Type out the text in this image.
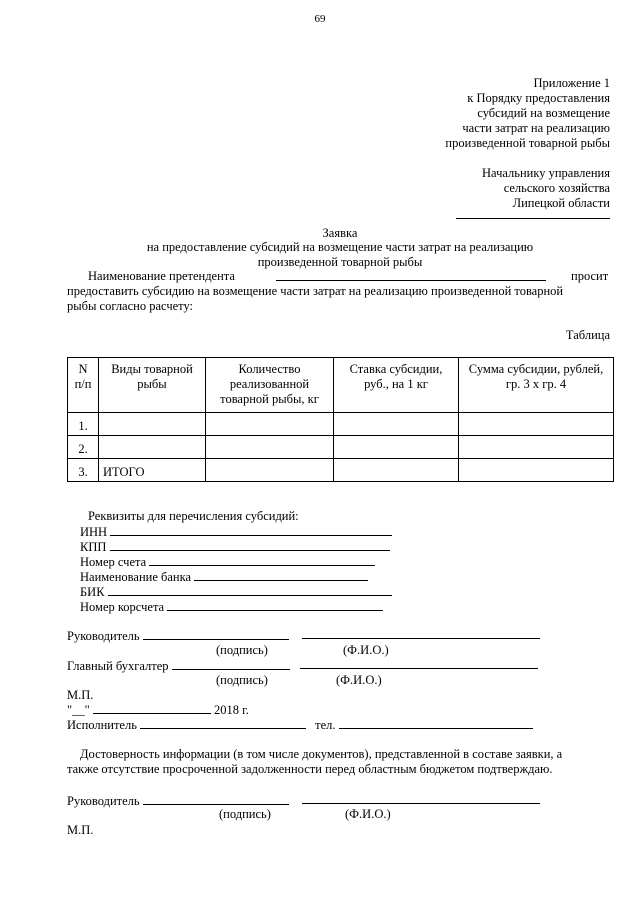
69
Приложение 1
к Порядку предоставления
субсидий на возмещение
части затрат на реализацию
произведенной товарной рыбы
Начальнику управления
сельского хозяйства
Липецкой области
Заявка
на предоставление субсидий на возмещение части затрат на реализацию
произведенной товарной рыбы
Наименование претендента	просит
предоставить субсидию на возмещение части затрат на реализацию произведенной товарной
рыбы согласно расчету:
Таблица
N п/п	Виды товарной рыбы	Количество реализованной товарной рыбы, кг	Ставка субсидии, руб., на 1 кг	Сумма субсидии, рублей, гр. 3 x гр. 4
1.				
2.				
3.	ИТОГО			
Реквизиты для перечисления субсидий:
ИНН
КПП
Номер счета
Наименование банка
БИК
Номер корсчета
Руководитель
(подпись)	(Ф.И.О.)
Главный бухгалтер
(подпись)	(Ф.И.О.)
М.П.
"__"	2018 г.
Исполнитель	тел.
Достоверность информации (в том числе документов), представленной в составе заявки, а
также отсутствие просроченной задолженности перед областным бюджетом подтверждаю.
Руководитель
(подпись)	(Ф.И.О.)
М.П.
